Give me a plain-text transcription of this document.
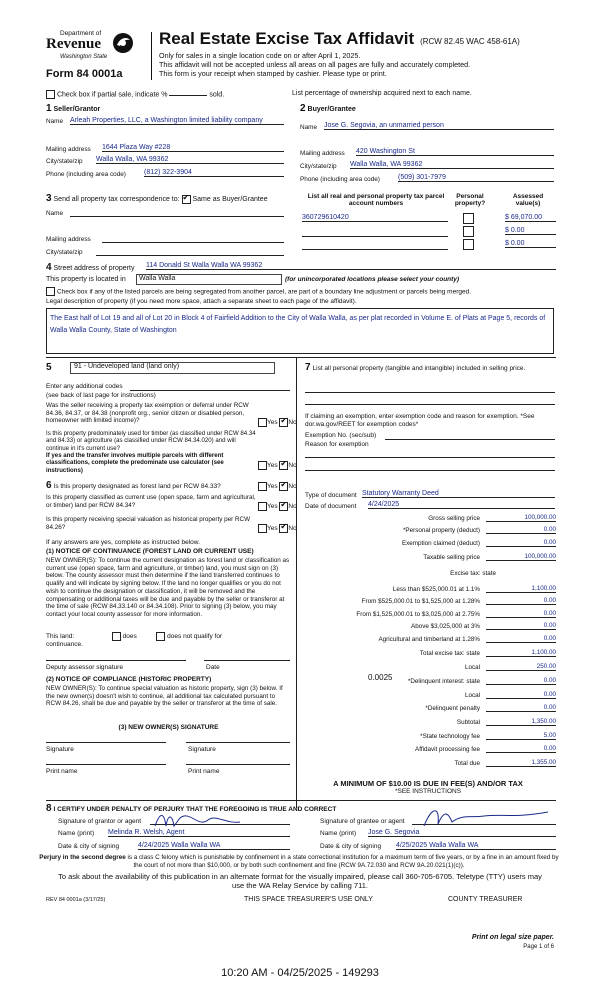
Department of
Revenue
Washington State
Form 84 0001a
Real Estate Excise Tax Affidavit (RCW 82.45 WAC 458-61A)
Only for sales in a single location code on or after April 1, 2025.
This affidavit will not be accepted unless all areas on all pages are fully and accurately completed.
This form is your receipt when stamped by cashier. Please type or print.
Check box if partial sale, indicate %	sold.	List percentage of ownership acquired next to each name.
1 Seller/Grantor
Name Arleah Properties, LLC, a Washington limited liability company
Mailing address 1644 Plaza Way #228
City/state/zip Walla Walla, WA 99362
Phone (including area code)	(812) 322-3904
2 Buyer/Grantee
Name Jose G. Segovia, an unmarried person
Mailing address 420 Washington St
City/state/zip Walla Walla, WA 99362
Phone (including area code)	(509) 301-7979
3 Send all property tax correspondence to: ✔ Same as Buyer/Grantee
Name
Mailing address
City/state/zip
List all real and personal property tax parcel account numbers
Personal property?
Assessed value(s)
360729610420	$ 69,070.00
$ 0.00
$ 0.00
4 Street address of property 114 Donald St Walla Walla WA 99362
This property is located in	Walla Walla	(for unincorporated locations please select your county)
Check box if any of the listed parcels are being segregated from another parcel, are part of a boundary line adjustment or parcels being merged.
Legal description of property (if you need more space, attach a separate sheet to each page of the affidavit).
The East half of Lot 19 and all of Lot 20 in Block 4 of Fairfield Addition to the City of Walla Walla, as per plat recorded in Volume E. of Plats at Page 5, records of Walla Walla County, State of Washington
5	91 - Undeveloped land (land only)
Enter any additional codes
(see back of last page for instructions)
Was the seller receiving a property tax exemption or deferral under RCW 84.36, 84.37, or 84.38 (nonprofit org., senior citizen or disabled person, homeowner with limited income)?	Yes ✔ No
Is this property predominately used for timber (as classified under RCW 84.34 and 84.33) or agriculture (as classified under RCW 84.34.020) and will continue in it's current use?
If yes and the transfer involves multiple parcels with different classifications, complete the predominate use calculator (see instructions)
Yes ✔ No
6 Is this property designated as forest land per RCW 84.33?	Yes ✔ No
Is this property classified as current use (open space, farm and agricultural, or timber) land per RCW 84.34?	Yes ✔ No
Is this property receiving special valuation as historical property per RCW 84.26?	Yes ✔ No
If any answers are yes, complete as instructed below.
(1) NOTICE OF CONTINUANCE (FOREST LAND OR CURRENT USE)
NEW OWNER(S): To continue the current designation as forest land or classification as current use (open space, farm and agriculture, or timber) land, you must sign on (3) below. The county assessor must then determine if the land transferred continues to qualify and will indicate by signing below. If the land no longer qualifies or you do not wish to continue the designation or classification, it will be removed and the compensating or additional taxes will be due and payable by the seller or transferor at the time of sale (RCW 84.33.140 or 84.34.108). Prior to signing (3) below, you may contact your local county assessor for more information.
This land:	does	does not qualify for
continuance.
Deputy assessor signature	Date
(2) NOTICE OF COMPLIANCE (HISTORIC PROPERTY)
NEW OWNER(S): To continue special valuation as historic property, sign (3) below. If the new owner(s) doesn't wish to continue, all additional tax calculated pursuant to RCW 84.26, shall be due and payable by the seller or transferor at the time of sale.
(3) NEW OWNER(S) SIGNATURE
Signature	Signature
Print name	Print name
7 List all personal property (tangible and intangible) included in selling price.
If claiming an exemption, enter exemption code and reason for exemption. *See dor.wa.gov/REET for exemption codes*
Exemption No. (sec/sub)
Reason for exemption
Type of document Statutory Warranty Deed
Date of document 4/24/2025
Gross selling price	100,000.00
*Personal property (deduct)	0.00
Exemption claimed (deduct)	0.00
Taxable selling price	100,000.00
Excise tax: state
Less than $525,000.01 at 1.1%	1,100.00
From $525,000.01 to $1,525,000 at 1.28%	0.00
From $1,525,000.01 to $3,025,000 at 2.75%	0.00
Above $3,025,000 at 3%	0.00
Agricultural and timberland at 1.28%	0.00
Total excise tax: state	1,100.00
Local	250.00
*Delinquent interest: state	0.00
Local	0.00
*Delinquent penalty	0.00
Subtotal	1,350.00
*State technology fee	5.00
Affidavit processing fee	0.00
Total due	1,355.00
0.0025
A MINIMUM OF $10.00 IS DUE IN FEE(S) AND/OR TAX
*SEE INSTRUCTIONS
8 I CERTIFY UNDER PENALTY OF PERJURY THAT THE FOREGOING IS TRUE AND CORRECT
Signature of grantor or agent
Name (print) Melinda R. Welsh, Agent
Date & city of signing	4/24/2025 Walla Walla WA
Signature of grantee or agent
Name (print) Jose G. Segovia
Date & city of signing 4/25/2025 Walla Walla WA
Perjury in the second degree is a class C felony which is punishable by confinement in a state correctional institution for a maximum term of five years, or by a fine in an amount fixed by the court of not more than $10,000, or by both such confinement and fine (RCW 9A.72.030 and RCW 9A.20.021(1)(c)).
To ask about the availability of this publication in an alternate format for the visually impaired, please call 360-705-6705. Teletype (TTY) users may use the WA Relay Service by calling 711.
REV 84 0001a (3/17/25)	THIS SPACE TREASURER'S USE ONLY	COUNTY TREASURER
Print on legal size paper.
Page 1 of 6
10:20 AM - 04/25/2025 - 149293
